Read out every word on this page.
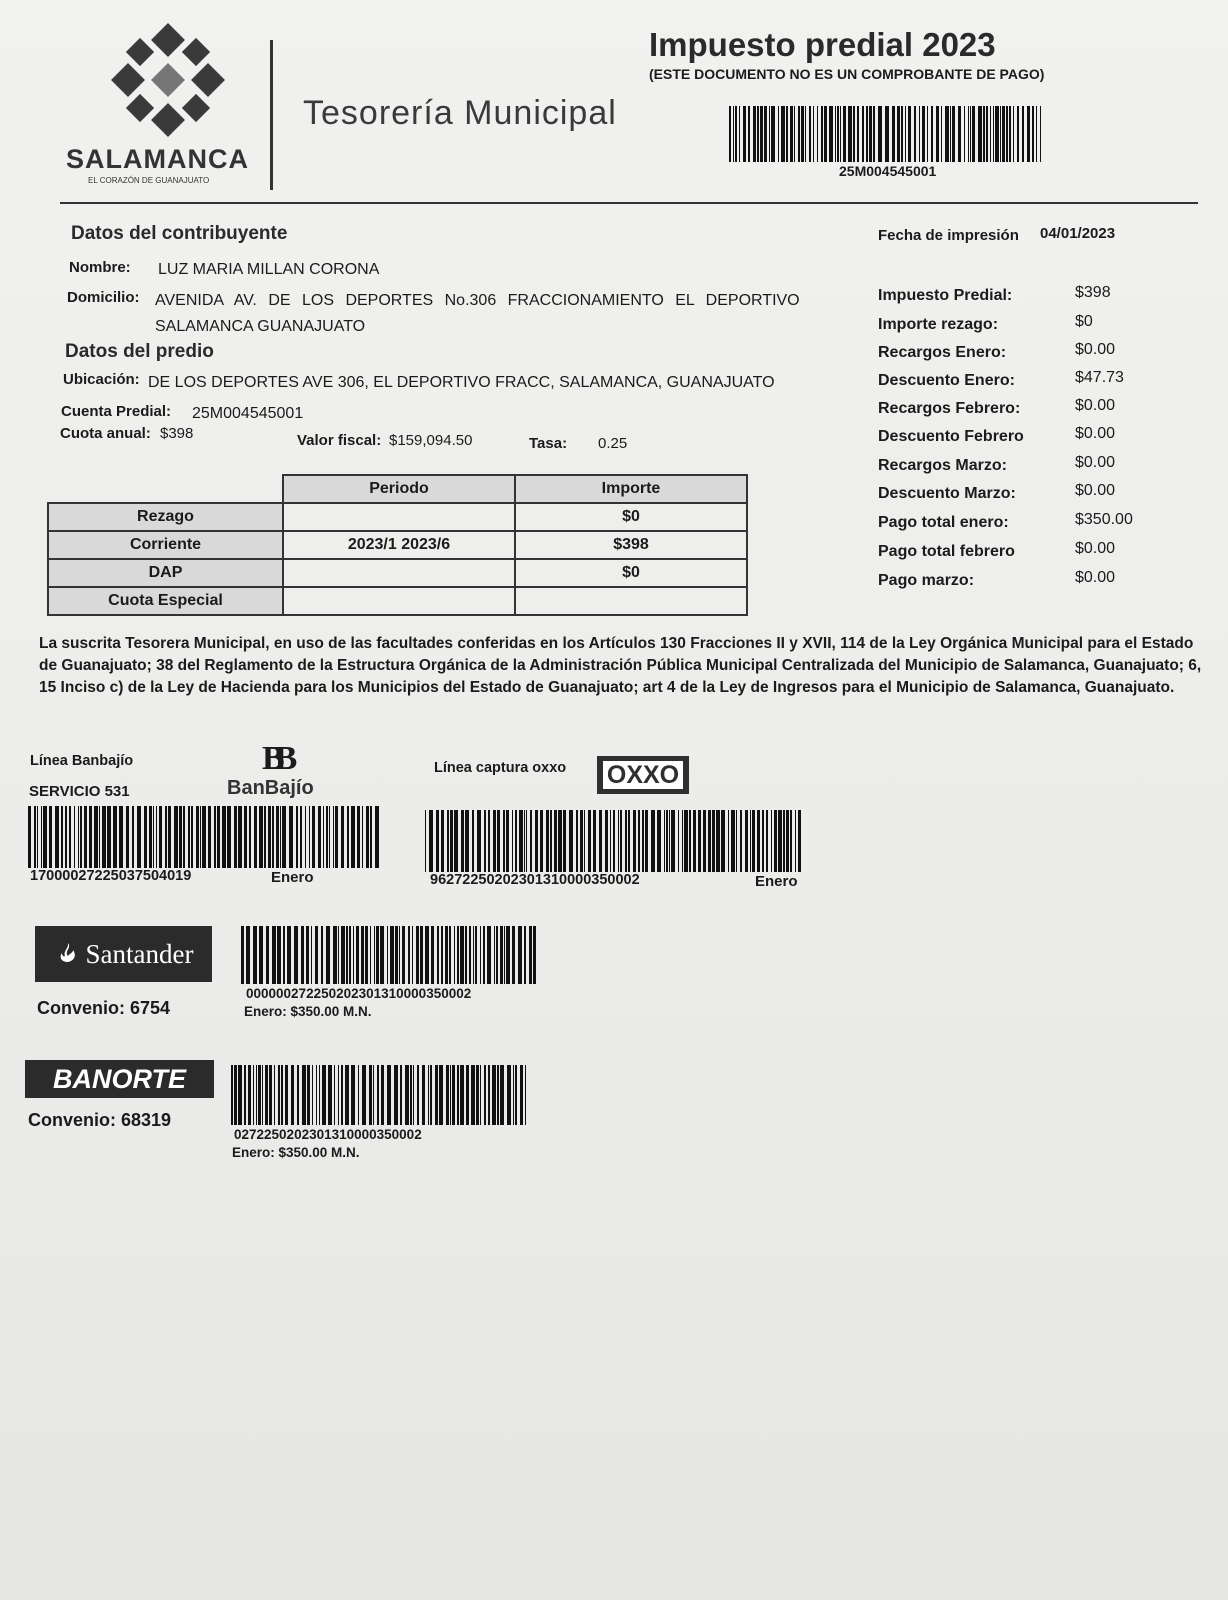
SALAMANCA
EL CORAZÓN DE GUANAJUATO
Tesorería Municipal
Impuesto predial 2023
(ESTE DOCUMENTO NO ES UN COMPROBANTE DE PAGO)
25M004545001
Datos del contribuyente
Nombre: LUZ MARIA MILLAN CORONA
Domicilio: AVENIDA AV. DE LOS DEPORTES No.306 FRACCIONAMIENTO EL DEPORTIVO
SALAMANCA GUANAJUATO
Datos del predio
Ubicación: DE LOS DEPORTES AVE 306, EL DEPORTIVO FRACC, SALAMANCA, GUANAJUATO
Cuenta Predial: 25M004545001
Cuota anual: $398	Valor fiscal: $159,094.50	Tasa: 0.25
	Periodo	Importe
Rezago		$0
Corriente	2023/1 2023/6	$398
DAP		$0
Cuota Especial		
Fecha de impresión 04/01/2023
Impuesto Predial:	$398
Importe rezago:	$0
Recargos Enero:	$0.00
Descuento Enero:	$47.73
Recargos Febrero:	$0.00
Descuento Febrero	$0.00
Recargos Marzo:	$0.00
Descuento Marzo:	$0.00
Pago total enero:	$350.00
Pago total febrero	$0.00
Pago marzo:	$0.00
La suscrita Tesorera Municipal, en uso de las facultades conferidas en los Artículos 130 Fracciones II y XVII, 114 de la Ley Orgánica Municipal para el Estado de Guanajuato; 38 del Reglamento de la Estructura Orgánica de la Administración Pública Municipal Centralizada del Municipio de Salamanca, Guanajuato; 6, 15 Inciso c) de la Ley de Hacienda para los Municipios del Estado de Guanajuato; art 4 de la Ley de Ingresos para el Municipio de Salamanca, Guanajuato.
Línea Banbajío
SERVICIO 531
BB
BanBajío
17000027225037504019	Enero
Línea captura oxxo OXXO
96272250202301310000350002	Enero
Santander
Convenio: 6754
00000027225020230131000035000​2
Enero: $350.00 M.N.
BANORTE
Convenio: 68319
027225020230131000035000​2
Enero: $350.00 M.N.
